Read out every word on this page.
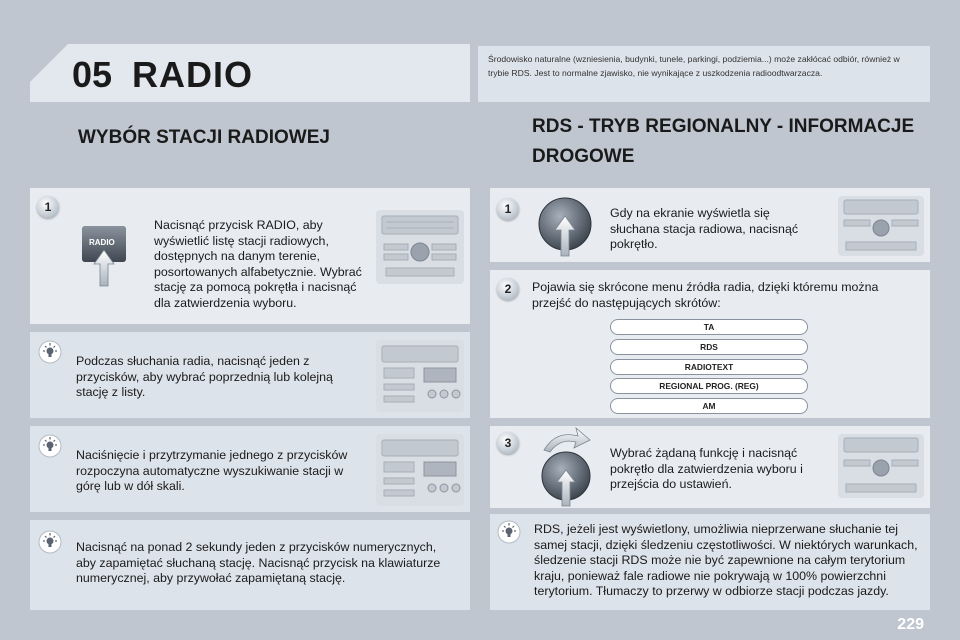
05 RADIO	Środowisko naturalne (wzniesienia, budynki, tunele, parkingi, podziemia...) może zakłócać odbiór, również w trybie RDS. Jest to normalne zjawisko, nie wynikające z uszkodzenia radioodtwarzacza.

WYBÓR STACJI RADIOWEJ
1
RADIO
Nacisnąć przycisk RADIO, aby wyświetlić listę stacji radiowych, dostępnych na danym terenie, posortowanych alfabetycznie. Wybrać stację za pomocą pokrętła i nacisnąć dla zatwierdzenia wyboru.
Podczas słuchania radia, nacisnąć jeden z przycisków, aby wybrać poprzednią lub kolejną stację z listy.
Naciśnięcie i przytrzymanie jednego z przycisków rozpoczyna automatyczne wyszukiwanie stacji w górę lub w dół skali.
Nacisnąć na ponad 2 sekundy jeden z przycisków numerycznych, aby zapamiętać słuchaną stację. Nacisnąć przycisk na klawiaturze numerycznej, aby przywołać zapamiętaną stację.
RDS - TRYB REGIONALNY - INFORMACJE DROGOWE
1	Gdy na ekranie wyświetla się słuchana stacja radiowa, nacisnąć pokrętło.
2	Pojawia się skrócone menu źródła radia, dzięki któremu można przejść do następujących skrótów:
TA
RDS
RADIOTEXT
REGIONAL PROG. (REG)
AM
3
Wybrać żądaną funkcję i nacisnąć pokrętło dla zatwierdzenia wyboru i przejścia do ustawień.
RDS, jeżeli jest wyświetlony, umożliwia nieprzerwane słuchanie tej samej stacji, dzięki śledzeniu częstotliwości. W niektórych warunkach, śledzenie stacji RDS może nie być zapewnione na całym terytorium kraju, ponieważ fale radiowe nie pokrywają w 100% powierzchni terytorium. Tłumaczy to przerwy w odbiorze stacji podczas jazdy.
229
